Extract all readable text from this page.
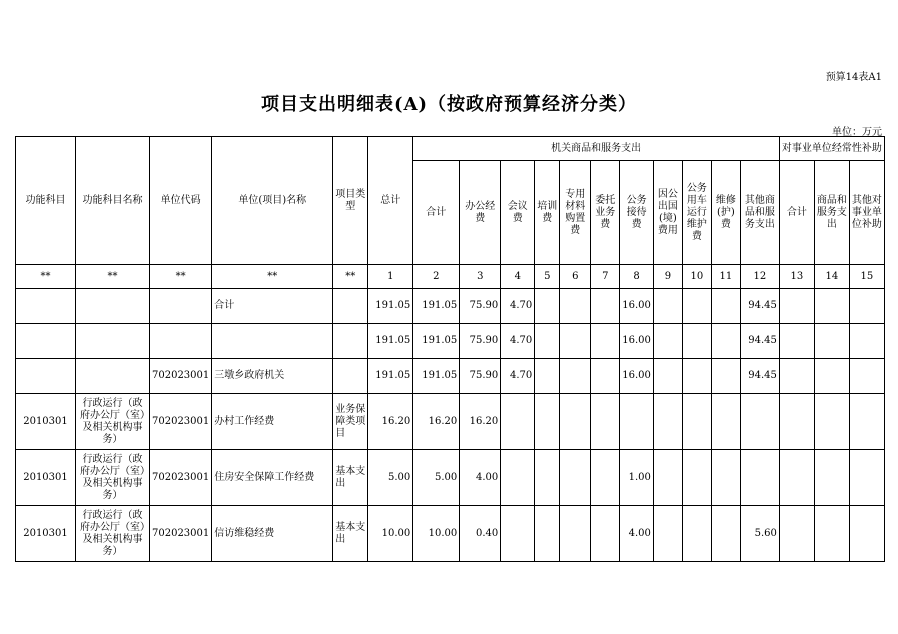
预算14表A1
项目支出明细表(A)（按政府预算经济分类）
单位：万元
功能科目	功能科目名称	单位代码	单位(项目)名称	项目类型	总计	机关商品和服务支出											对事业单位经常性补助		
						合计	办公经费	会议费	培训费	专用材料购置费	委托业务费	公务接待费	因公出国(境)费用	公务用车运行维护费	维修(护)费	其他商品和服务支出	合计	商品和服务支出	其他对事业单位补助
**	**	**	**	**	1	2	3	4	5	6	7	8	9	10	11	12	13	14	15
			合计		191.05	191.05	75.90	4.70				16.00				94.45			
					191.05	191.05	75.90	4.70				16.00				94.45			
		702023001	三墩乡政府机关		191.05	191.05	75.90	4.70				16.00				94.45			
2010301	行政运行（政府办公厅（室）及相关机构事务）	702023001	办村工作经费	业务保障类项目	16.20	16.20	16.20												
2010301	行政运行（政府办公厅（室）及相关机构事务）	702023001	住房安全保障工作经费	基本支出	5.00	5.00	4.00					1.00							
2010301	行政运行（政府办公厅（室）及相关机构事务）	702023001	信访维稳经费	基本支出	10.00	10.00	0.40					4.00				5.60			
